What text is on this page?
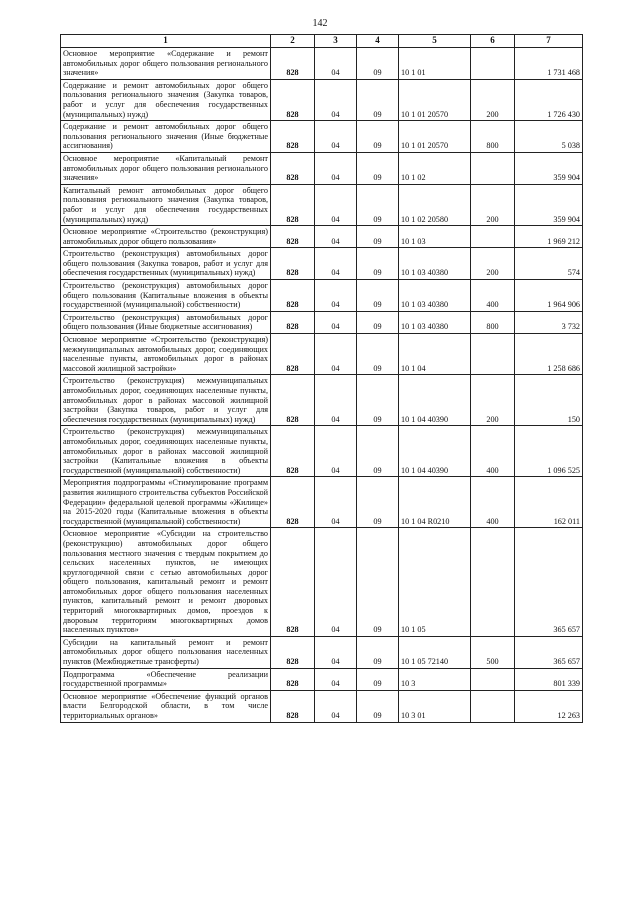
142
1	2	3	4	5	6	7
Основное мероприятие «Содержание и ремонт автомобильных дорог общего пользования регионального значения»	828	04	09	10 1 01		1 731 468
Содержание и ремонт автомобильных дорог общего пользования регионального значения (Закупка товаров, работ и услуг для обеспечения государственных (муниципальных) нужд)	828	04	09	10 1 01 20570	200	1 726 430
Содержание и ремонт автомобильных дорог общего пользования регионального значения (Иные бюджетные ассигнования)	828	04	09	10 1 01 20570	800	5 038
Основное мероприятие «Капитальный ремонт автомобильных дорог общего пользования регионального значения»	828	04	09	10 1 02		359 904
Капитальный ремонт автомобильных дорог общего пользования регионального значения (Закупка товаров, работ и услуг для обеспечения государственных (муниципальных) нужд)	828	04	09	10 1 02 20580	200	359 904
Основное мероприятие «Строительство (реконструкция) автомобильных дорог общего пользования»	828	04	09	10 1 03		1 969 212
Строительство (реконструкция) автомобильных дорог общего пользования (Закупка товаров, работ и услуг для обеспечения государственных (муниципальных) нужд)	828	04	09	10 1 03 40380	200	574
Строительство (реконструкция) автомобильных дорог общего пользования (Капитальные вложения в объекты государственной (муниципальной) собственности)	828	04	09	10 1 03 40380	400	1 964 906
Строительство (реконструкция) автомобильных дорог общего пользования (Иные бюджетные ассигнования)	828	04	09	10 1 03 40380	800	3 732
Основное мероприятие «Строительство (реконструкция) межмуниципальных автомобильных дорог, соединяющих населенные пункты, автомобильных дорог в районах массовой жилищной застройки»	828	04	09	10 1 04		1 258 686
Строительство (реконструкция) межмуниципальных автомобильных дорог, соединяющих населенные пункты, автомобильных дорог в районах массовой жилищной застройки (Закупка товаров, работ и услуг для обеспечения государственных (муниципальных) нужд)	828	04	09	10 1 04 40390	200	150
Строительство (реконструкция) межмуниципальных автомобильных дорог, соединяющих населенные пункты, автомобильных дорог в районах массовой жилищной застройки (Капитальные вложения в объекты государственной (муниципальной) собственности)	828	04	09	10 1 04 40390	400	1 096 525
Мероприятия подпрограммы «Стимулирование программ развития жилищного строительства субъектов Российской Федерации» федеральной целевой программы «Жилище» на 2015-2020 годы (Капитальные вложения в объекты государственной (муниципальной) собственности)	828	04	09	10 1 04 R0210	400	162 011
Основное мероприятие «Субсидии на строительство (реконструкцию) автомобильных дорог общего пользования местного значения с твердым покрытием до сельских населенных пунктов, не имеющих круглогодичной связи с сетью автомобильных дорог общего пользования, капитальный ремонт и ремонт автомобильных дорог общего пользования населенных пунктов, капитальный ремонт и ремонт дворовых территорий многоквартирных домов, проездов к дворовым территориям многоквартирных домов населенных пунктов»	828	04	09	10 1 05		365 657
Субсидии на капитальный ремонт и ремонт автомобильных дорог общего пользования населенных пунктов (Межбюджетные трансферты)	828	04	09	10 1 05 72140	500	365 657
Подпрограмма «Обеспечение реализации государственной программы»	828	04	09	10 3		801 339
Основное мероприятие «Обеспечение функций органов власти Белгородской области, в том числе территориальных органов»	828	04	09	10 3 01		12 263
